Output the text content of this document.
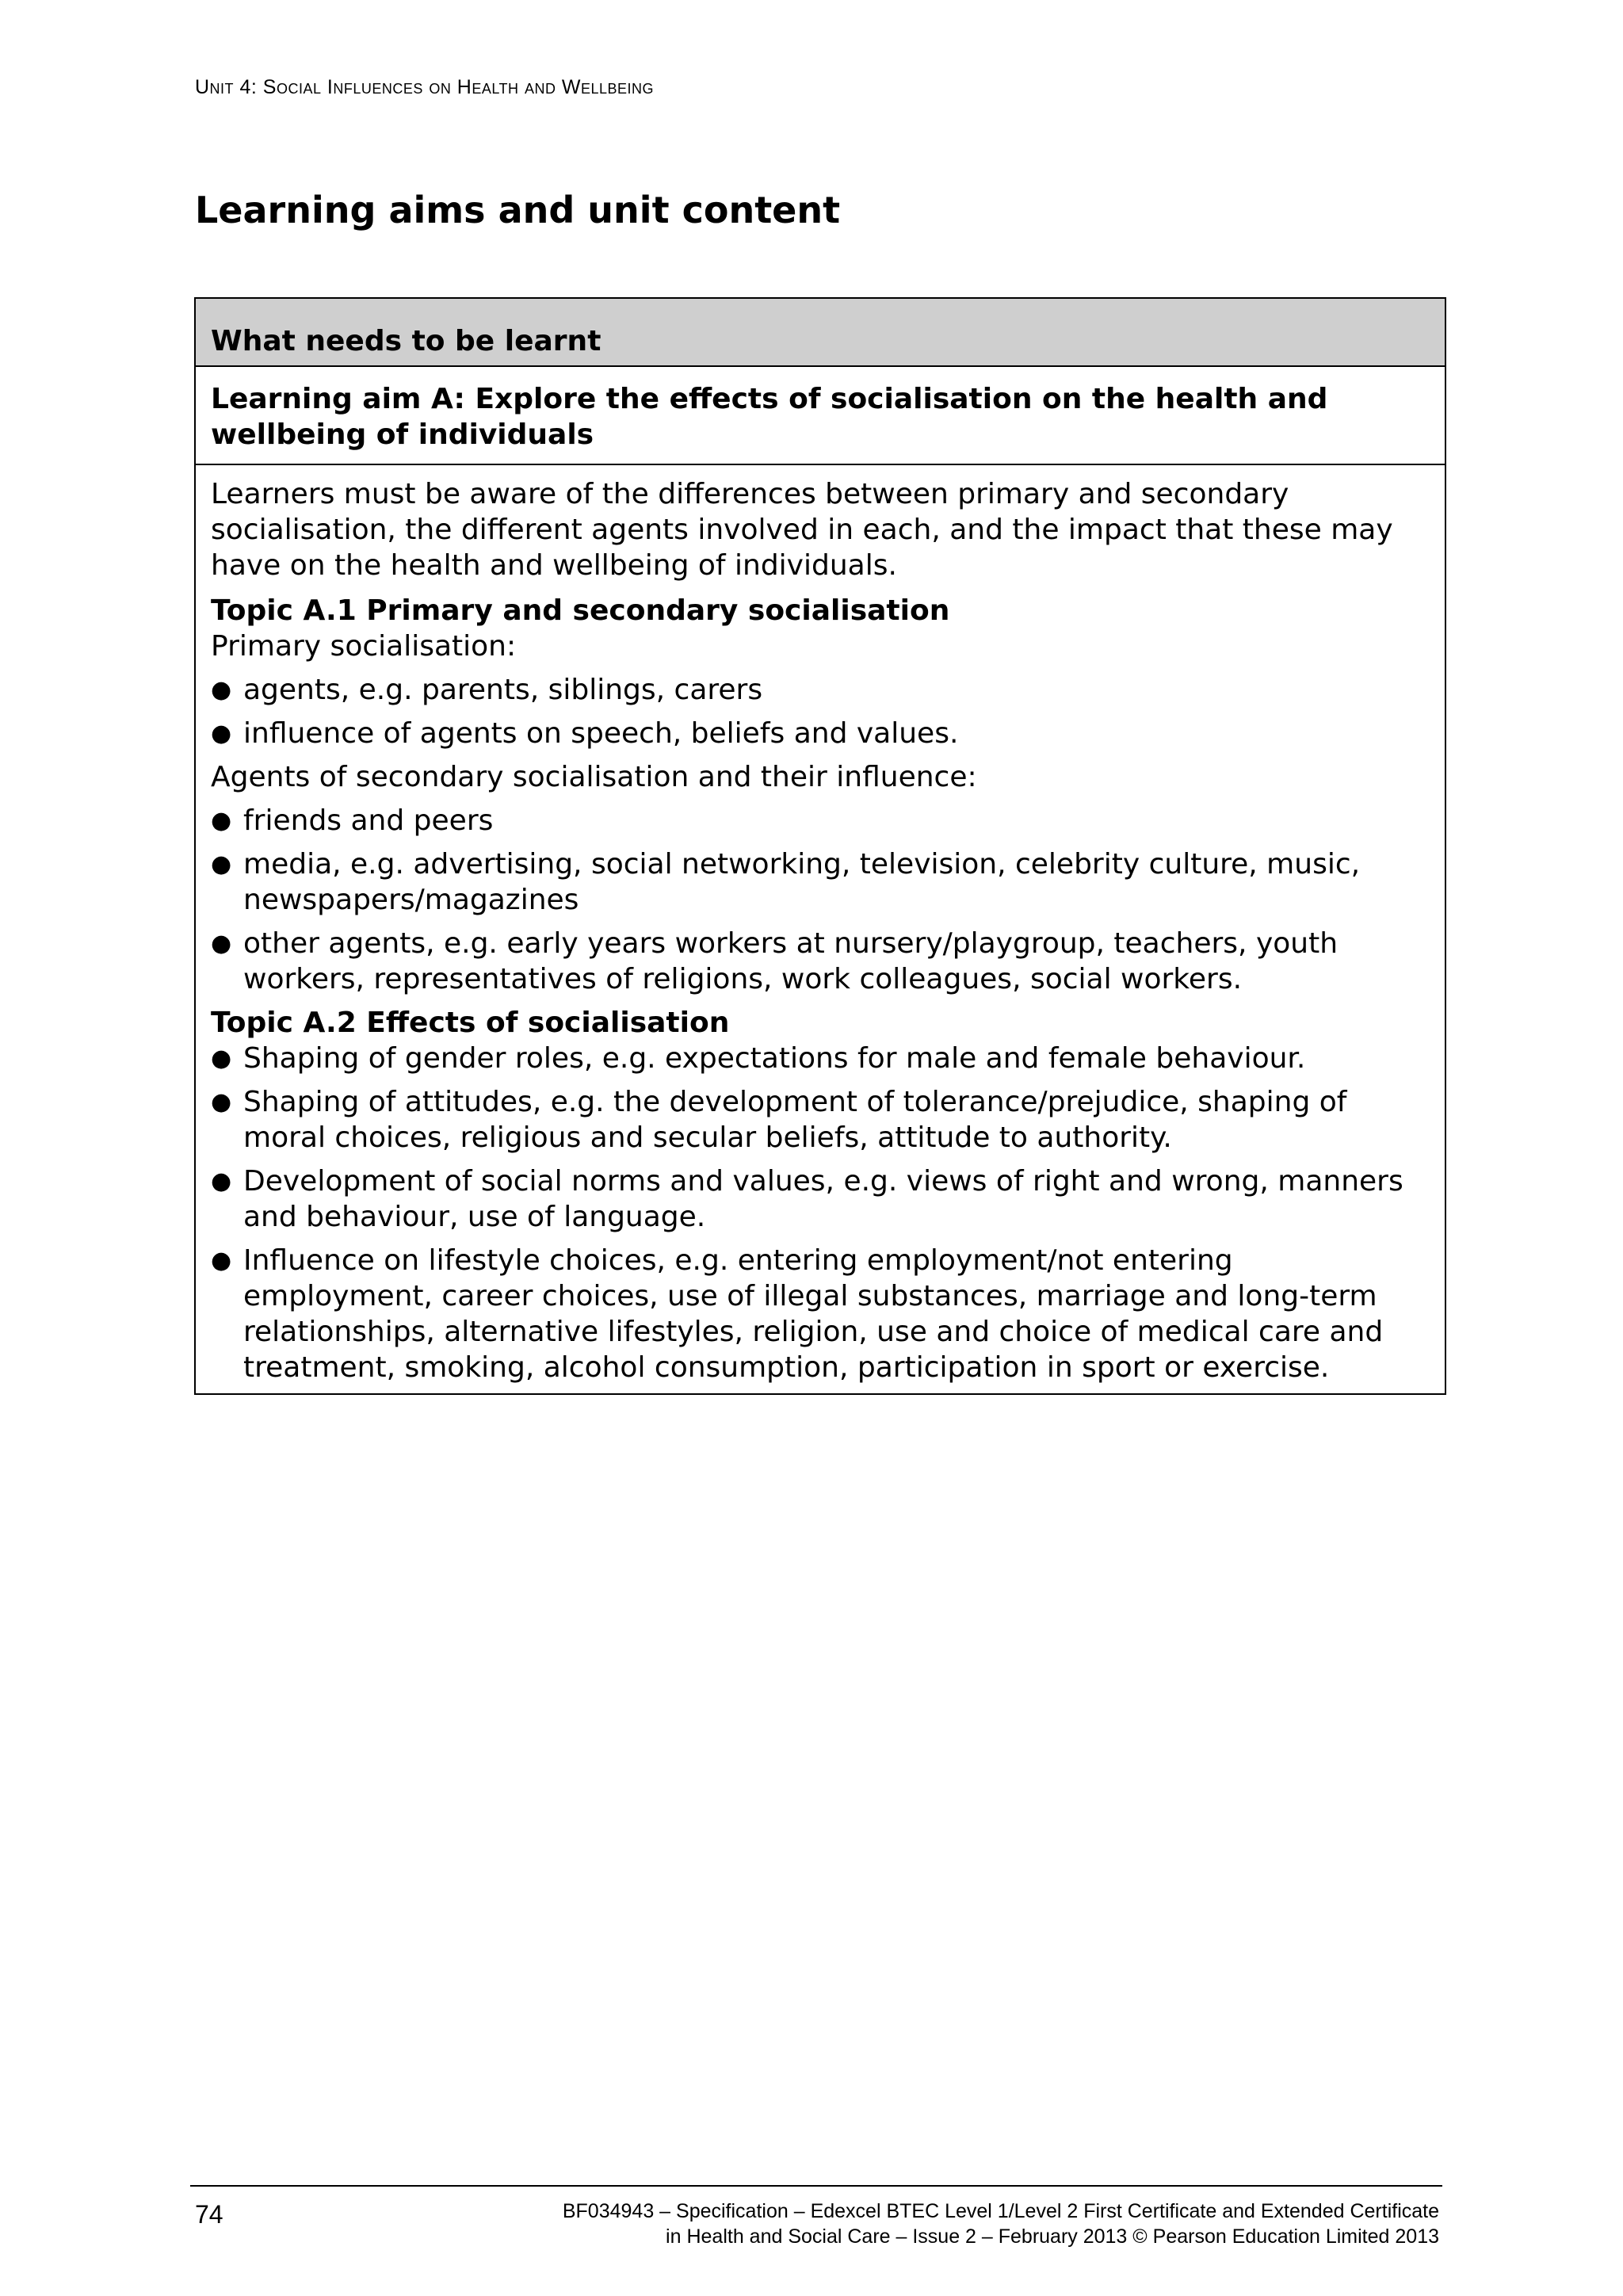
Unit 4: Social Influences on Health and Wellbeing
Learning aims and unit content
What needs to be learnt
Learning aim A: Explore the effects of socialisation on the health and wellbeing of individuals

Learners must be aware of the differences between primary and secondary socialisation, the different agents involved in each, and the impact that these may have on the health and wellbeing of individuals.

Topic A.1 Primary and secondary socialisation

Primary socialisation:

● agents, e.g. parents, siblings, carers
● influence of agents on speech, beliefs and values.

Agents of secondary socialisation and their influence:

● friends and peers
● media, e.g. advertising, social networking, television, celebrity culture, music, newspapers/magazines
● other agents, e.g. early years workers at nursery/playgroup, teachers, youth workers, representatives of religions, work colleagues, social workers.

Topic A.2 Effects of socialisation

● Shaping of gender roles, e.g. expectations for male and female behaviour.
● Shaping of attitudes, e.g. the development of tolerance/prejudice, shaping of moral choices, religious and secular beliefs, attitude to authority.
● Development of social norms and values, e.g. views of right and wrong, manners and behaviour, use of language.
● Influence on lifestyle choices, e.g. entering employment/not entering employment, career choices, use of illegal substances, marriage and long-term relationships, alternative lifestyles, religion, use and choice of medical care and treatment, smoking, alcohol consumption, participation in sport or exercise.
74	BF034943 – Specification – Edexcel BTEC Level 1/Level 2 First Certificate and Extended Certificate
in Health and Social Care – Issue 2 – February 2013 © Pearson Education Limited 2013
